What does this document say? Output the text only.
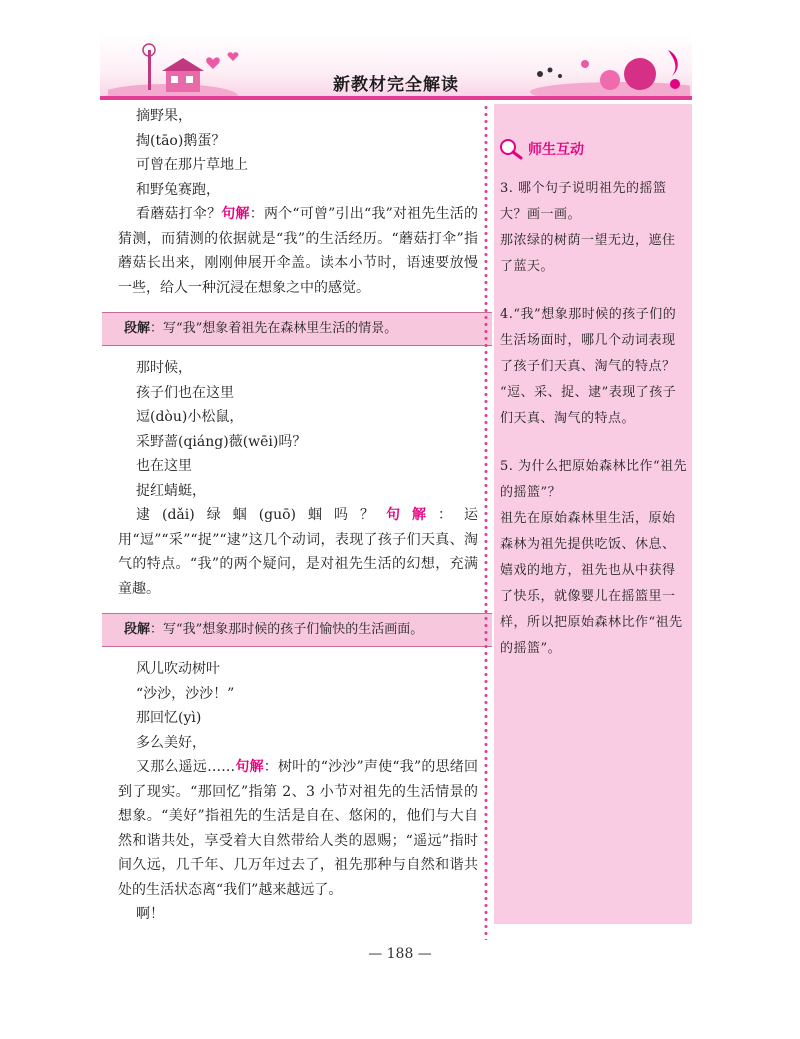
新教材完全解读
摘野果，
掏(tāo)鹅蛋？
可曾在那片草地上
和野兔赛跑，
看蘑菇打伞？句解：两个“可曾”引出“我”对祖先生活的猜测，而猜测的依据就是“我”的生活经历。“蘑菇打伞”指蘑菇长出来，刚刚伸展开伞盖。读本小节时，语速要放慢一些，给人一种沉浸在想象之中的感觉。
段解：写“我”想象着祖先在森林里生活的情景。
那时候，
孩子们也在这里
逗(dòu)小松鼠，
采野蔷(qiáng)薇(wēi)吗？
也在这里
捉红蜻蜓，
逮(dǎi)绿蝈(guō)蝈吗？句解：运用“逗”“采”“捉”“逮”这几个动词，表现了孩子们天真、淘气的特点。“我”的两个疑问，是对祖先生活的幻想，充满童趣。
段解：写“我”想象那时候的孩子们愉快的生活画面。
风儿吹动树叶
“沙沙，沙沙！”
那回忆(yì)
多么美好，
又那么遥远……句解：树叶的“沙沙”声使“我”的思绪回到了现实。“那回忆”指第 2、3 小节对祖先的生活情景的想象。“美好”指祖先的生活是自在、悠闲的，他们与大自然和谐共处，享受着大自然带给人类的恩赐；“遥远”指时间久远，几千年、几万年过去了，祖先那种与自然和谐共处的生活状态离“我们”越来越远了。
啊！
师生互动
3. 哪个句子说明祖先的摇篮大？画一画。
那浓绿的树荫一望无边，遮住了蓝天。
4.“我”想象那时候的孩子们的生活场面时，哪几个动词表现了孩子们天真、淘气的特点？
“逗、采、捉、逮”表现了孩子们天真、淘气的特点。
5. 为什么把原始森林比作“祖先的摇篮”？
祖先在原始森林里生活，原始森林为祖先提供吃饭、休息、嬉戏的地方，祖先也从中获得了快乐，就像婴儿在摇篮里一样，所以把原始森林比作“祖先的摇篮”。
— 188 —
